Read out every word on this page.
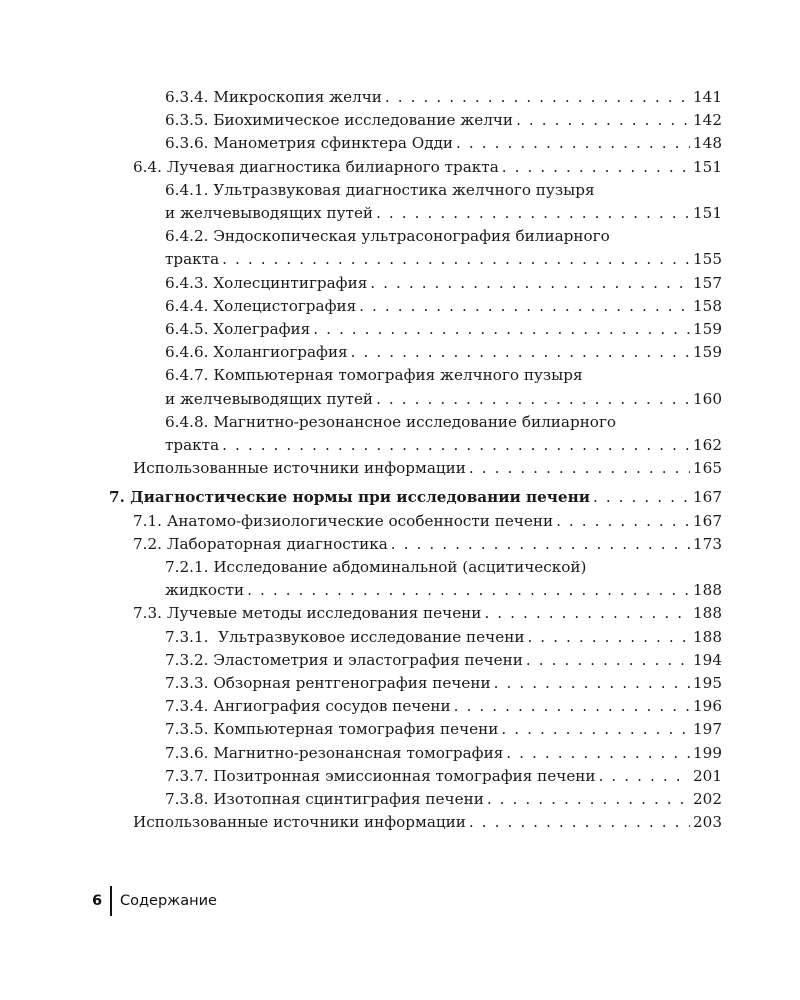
6.3.4.
Микроскопия желчи . . .	141
6.3.5.
Биохимическое исследование желчи . . .	142
6.3.6.
Манометрия сфинктера Одди . . .	148
6.4.
Лучевая диагностика билиарного тракта . . .	151
6.4.1.
Ультразвуковая диагностика желчного пузыря
и желчевыводящих путей . . .	151
6.4.2.
Эндоскопическая ультрасонография билиарного
тракта . . .	155
6.4.3.
Холесцинтиграфия . . .	157
6.4.4.
Холецистография . . .	158
6.4.5.
Холеграфия . . .	159
6.4.6.
Холангиография . . .	159
6.4.7.
Компьютерная томография желчного пузыря
и желчевыводящих путей . . .	160
6.4.8.
Магнитно-резонансное исследование билиарного
тракта . . .	162
Использованные источники информации . . .	165
7.
Диагностические нормы при исследовании печени . . .	167
7.1.
Анатомо-физиологические особенности печени . . .	167
7.2.
Лабораторная диагностика . . .	173
7.2.1.
Исследование абдоминальной (асцитической)
жидкости . . .	188
7.3.
Лучевые методы исследования печени . . .	188
7.3.1.
Ультразвуковое исследование печени . . .	188
7.3.2.
Эластометрия и эластография печени . . .	194
7.3.3.
Обзорная рентгенография печени . . .	195
7.3.4.
Ангиография сосудов печени . . .	196
7.3.5.
Компьютерная томография печени . . .	197
7.3.6.
Магнитно-резонансная томография . . .	199
7.3.7.
Позитронная эмиссионная томография печени . . .	201
7.3.8.
Изотопная сцинтиграфия печени . . .	202
Использованные источники информации . . .	203
6 Содержание
